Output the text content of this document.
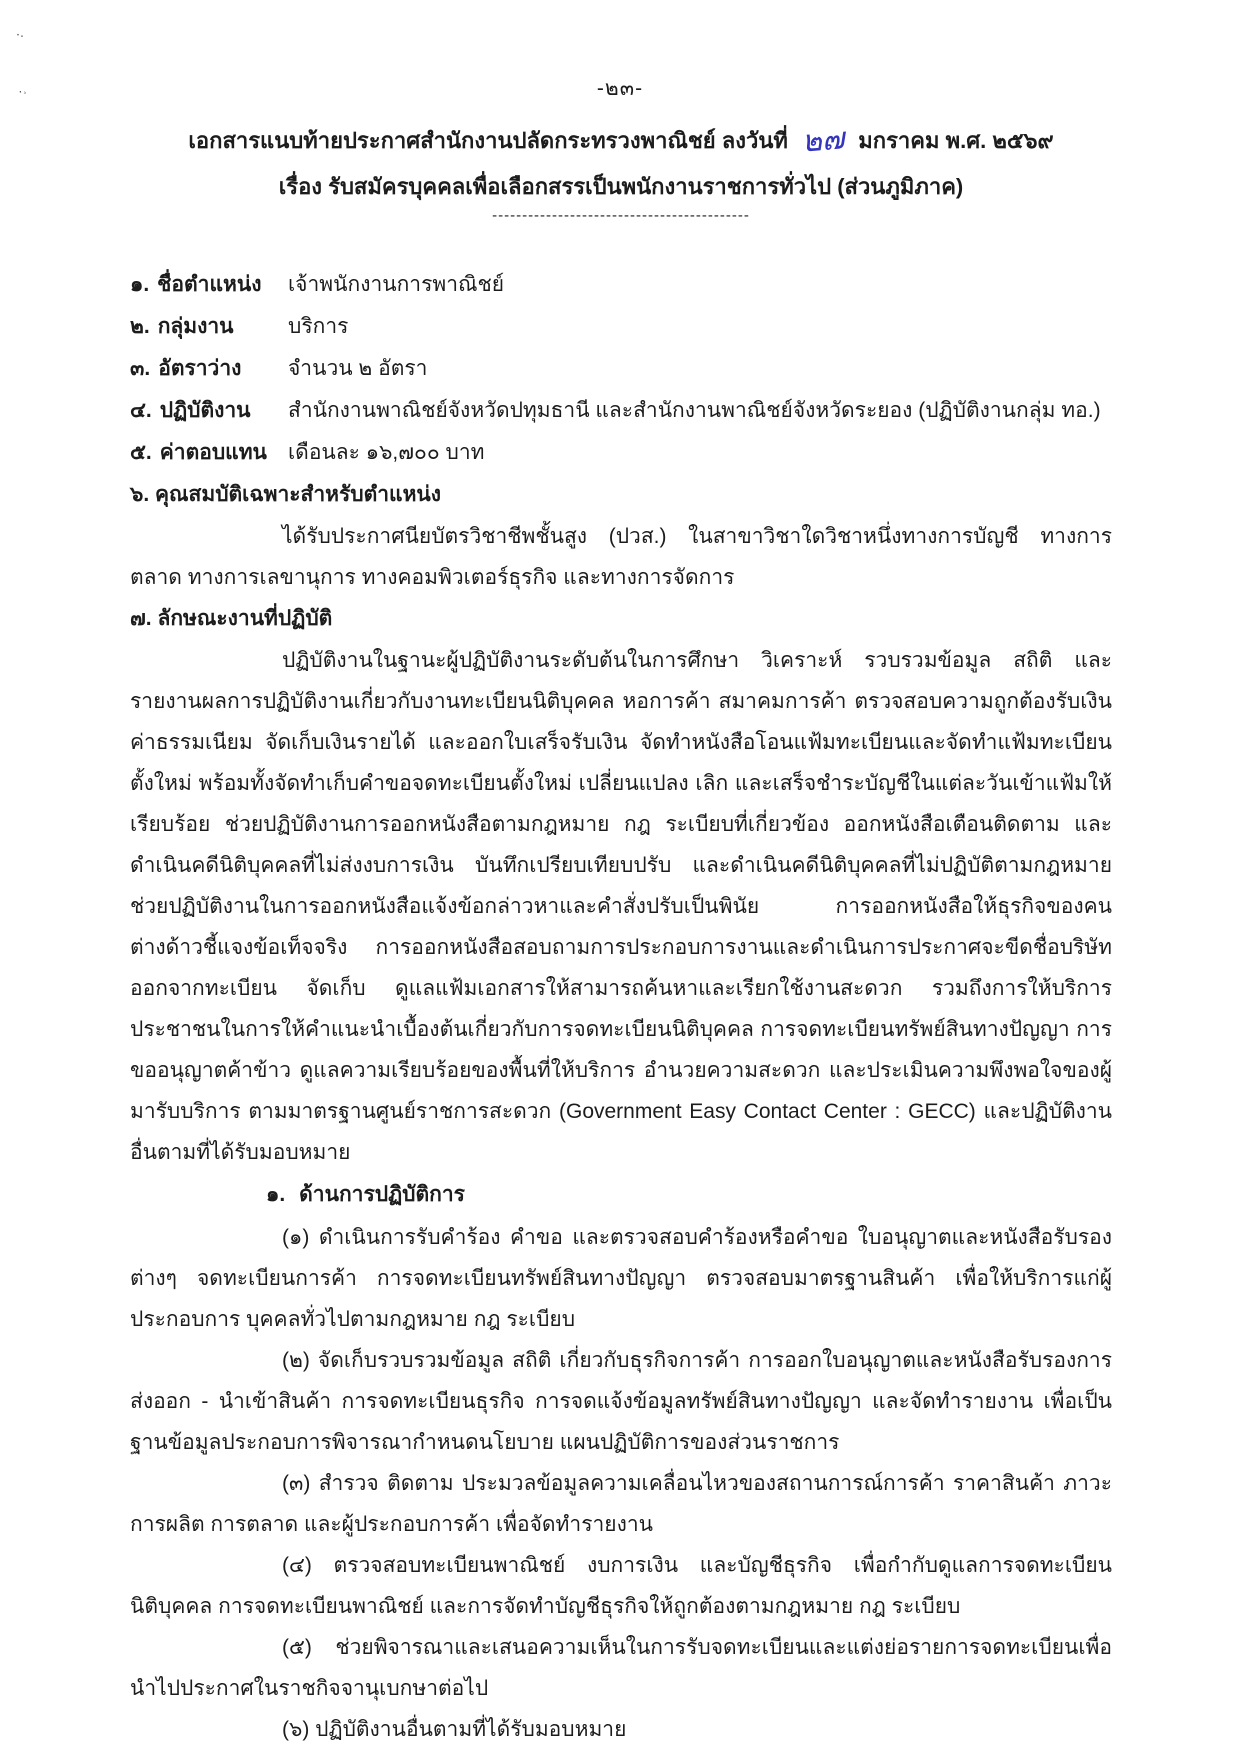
··
·˒	-๒๓-
เอกสารแนบท้ายประกาศสำนักงานปลัดกระทรวงพาณิชย์ ลงวันที่ ๒๗ มกราคม พ.ศ. ๒๕๖๙
เรื่อง รับสมัครบุคคลเพื่อเลือกสรรเป็นพนักงานราชการทั่วไป (ส่วนภูมิภาค)
-------------------------------------------
๑. ชื่อตำแหน่ง	เจ้าพนักงานการพาณิชย์
๒. กลุ่มงาน	บริการ
๓. อัตราว่าง	จำนวน ๒ อัตรา
๔. ปฏิบัติงาน	สำนักงานพาณิชย์จังหวัดปทุมธานี และสำนักงานพาณิชย์จังหวัดระยอง (ปฏิบัติงานกลุ่ม ทอ.)
๕. ค่าตอบแทน	เดือนละ ๑๖,๗๐๐ บาท
๖. คุณสมบัติเฉพาะสำหรับตำแหน่ง

ได้รับประกาศนียบัตรวิชาชีพชั้นสูง (ปวส.) ในสาขาวิชาใดวิชาหนึ่งทางการบัญชี ทางการตลาด ทางการเลขานุการ ทางคอมพิวเตอร์ธุรกิจ และทางการจัดการ

๗. ลักษณะงานที่ปฏิบัติ

ปฏิบัติงานในฐานะผู้ปฏิบัติงานระดับต้นในการศึกษา วิเคราะห์ รวบรวมข้อมูล สถิติ และรายงานผลการปฏิบัติงานเกี่ยวกับงานทะเบียนนิติบุคคล หอการค้า สมาคมการค้า ตรวจสอบความถูกต้องรับเงินค่าธรรมเนียม จัดเก็บเงินรายได้ และออกใบเสร็จรับเงิน จัดทำหนังสือโอนแฟ้มทะเบียนและจัดทำแฟ้มทะเบียนตั้งใหม่ พร้อมทั้งจัดทำเก็บคำขอจดทะเบียนตั้งใหม่ เปลี่ยนแปลง เลิก และเสร็จชำระบัญชีในแต่ละวันเข้าแฟ้มให้เรียบร้อย ช่วยปฏิบัติงานการออกหนังสือตามกฎหมาย กฎ ระเบียบที่เกี่ยวข้อง ออกหนังสือเตือนติดตาม และดำเนินคดีนิติบุคคลที่ไม่ส่งงบการเงิน บันทึกเปรียบเทียบปรับ และดำเนินคดีนิติบุคคลที่ไม่ปฏิบัติตามกฎหมาย ช่วยปฏิบัติงานในการออกหนังสือแจ้งข้อกล่าวหาและคำสั่งปรับเป็นพินัย การออกหนังสือให้ธุรกิจของคนต่างด้าวชี้แจงข้อเท็จจริง การออกหนังสือสอบถามการประกอบการงานและดำเนินการประกาศจะขีดชื่อบริษัทออกจากทะเบียน จัดเก็บ ดูแลแฟ้มเอกสารให้สามารถค้นหาและเรียกใช้งานสะดวก รวมถึงการให้บริการประชาชนในการให้คำแนะนำเบื้องต้นเกี่ยวกับการจดทะเบียนนิติบุคคล การจดทะเบียนทรัพย์สินทางปัญญา การขออนุญาตค้าข้าว ดูแลความเรียบร้อยของพื้นที่ให้บริการ อำนวยความสะดวก และประเมินความพึงพอใจของผู้มารับบริการ ตามมาตรฐานศูนย์ราชการสะดวก (Government Easy Contact Center : GECC) และปฏิบัติงานอื่นตามที่ได้รับมอบหมาย

๑. ด้านการปฏิบัติการ

(๑) ดำเนินการรับคำร้อง คำขอ และตรวจสอบคำร้องหรือคำขอ ใบอนุญาตและหนังสือรับรองต่างๆ จดทะเบียนการค้า การจดทะเบียนทรัพย์สินทางปัญญา ตรวจสอบมาตรฐานสินค้า เพื่อให้บริการแก่ผู้ประกอบการ บุคคลทั่วไปตามกฎหมาย กฎ ระเบียบ

(๒) จัดเก็บรวบรวมข้อมูล สถิติ เกี่ยวกับธุรกิจการค้า การออกใบอนุญาตและหนังสือรับรองการส่งออก - นำเข้าสินค้า การจดทะเบียนธุรกิจ การจดแจ้งข้อมูลทรัพย์สินทางปัญญา และจัดทำรายงาน เพื่อเป็นฐานข้อมูลประกอบการพิจารณากำหนดนโยบาย แผนปฏิบัติการของส่วนราชการ

(๓) สำรวจ ติดตาม ประมวลข้อมูลความเคลื่อนไหวของสถานการณ์การค้า ราคาสินค้า ภาวะการผลิต การตลาด และผู้ประกอบการค้า เพื่อจัดทำรายงาน

(๔) ตรวจสอบทะเบียนพาณิชย์ งบการเงิน และบัญชีธุรกิจ เพื่อกำกับดูแลการจดทะเบียนนิติบุคคล การจดทะเบียนพาณิชย์ และการจัดทำบัญชีธุรกิจให้ถูกต้องตามกฎหมาย กฎ ระเบียบ

(๕) ช่วยพิจารณาและเสนอความเห็นในการรับจดทะเบียนและแต่งย่อรายการจดทะเบียนเพื่อนำไปประกาศในราชกิจจานุเบกษาต่อไป

(๖) ปฏิบัติงานอื่นตามที่ได้รับมอบหมาย
